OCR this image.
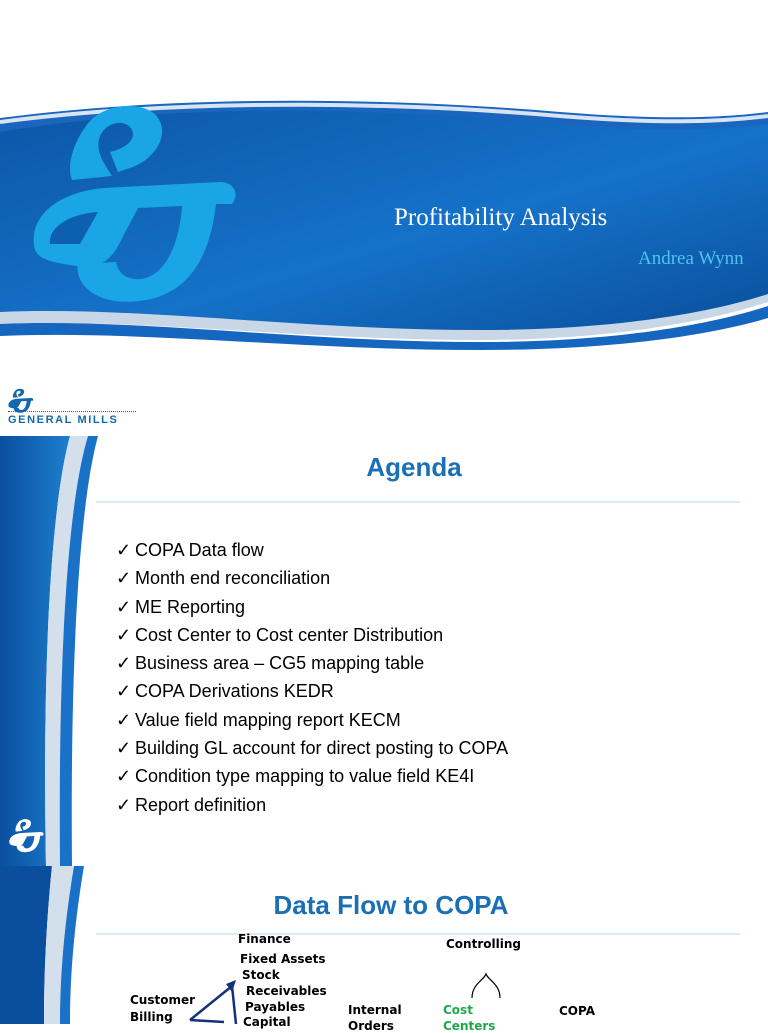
Profitability Analysis
Andrea Wynn
GENERAL MILLS
Agenda
✓ COPA Data flow
✓ Month end reconciliation
✓ ME Reporting
✓ Cost Center to Cost center Distribution
✓ Business area – CG5 mapping table
✓ COPA Derivations KEDR
✓ Value field mapping report KECM
✓ Building GL account for direct posting to COPA
✓ Condition type mapping to value field KE4I
✓ Report definition
Data Flow to COPA
Finance
Fixed Assets
Stock
Receivables
Payables
Capital
Customer
Billing
Controlling
Internal
Orders
Cost
Centers
COPA
